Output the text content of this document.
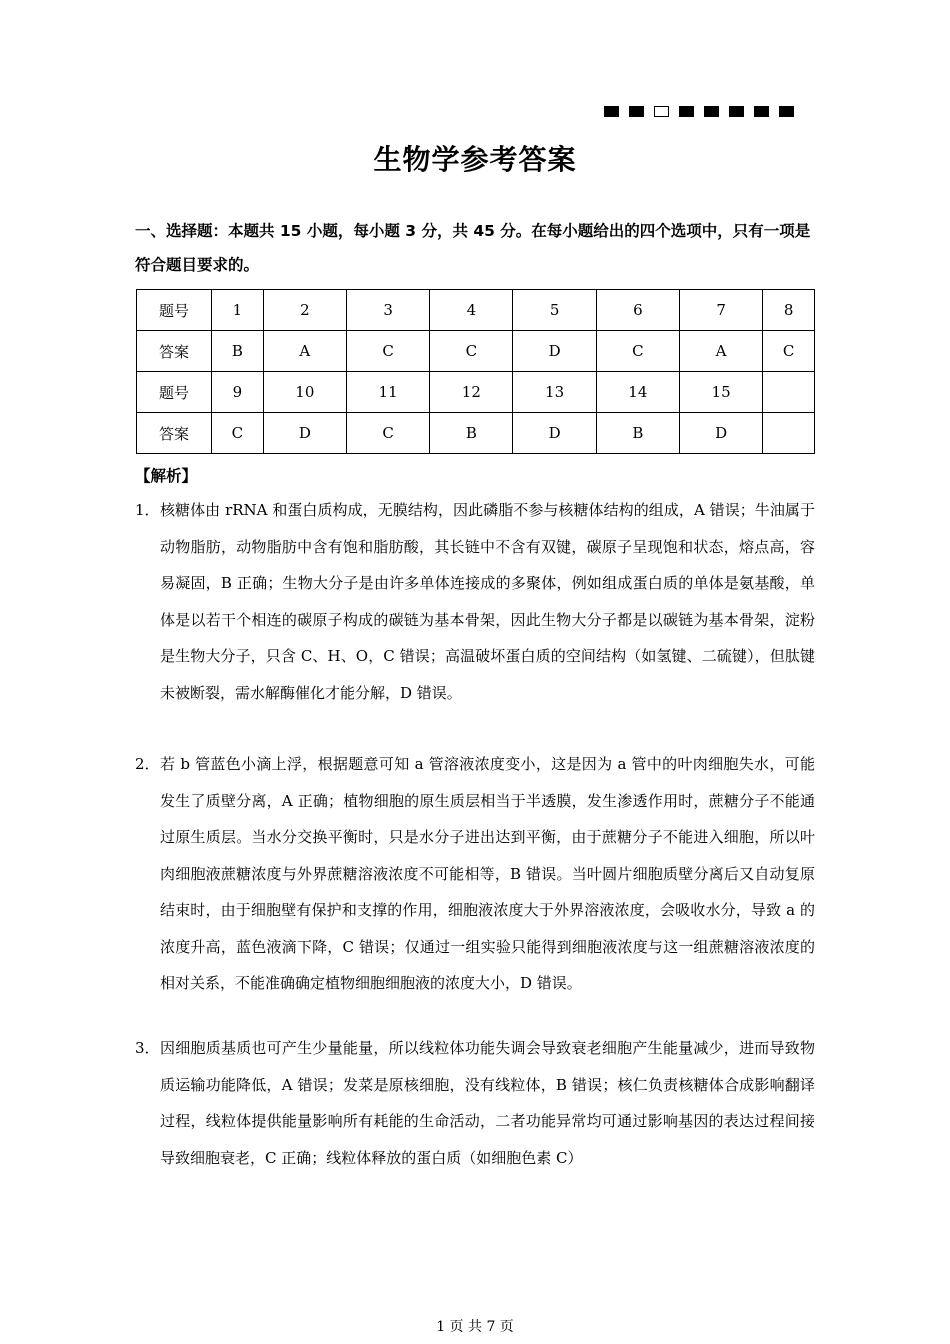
生物学参考答案
一、选择题：本题共 15 小题，每小题 3 分，共 45 分。在每小题给出的四个选项中，只有一项是符合题目要求的。
题号	1	2	3	4	5	6	7	8
答案	B	A	C	C	D	C	A	C
题号	9	10	11	12	13	14	15	
答案	C	D	C	B	D	B	D	
【解析】
1． 核糖体由 rRNA 和蛋白质构成，无膜结构，因此磷脂不参与核糖体结构的组成，A 错误；牛油属于动物脂肪，动物脂肪中含有饱和脂肪酸，其长链中不含有双键，碳原子呈现饱和状态，熔点高，容易凝固，B 正确；生物大分子是由许多单体连接成的多聚体，例如组成蛋白质的单体是氨基酸，单体是以若干个相连的碳原子构成的碳链为基本骨架，因此生物大分子都是以碳链为基本骨架，淀粉是生物大分子，只含 C、H、O，C 错误；高温破坏蛋白质的空间结构（如氢键、二硫键），但肽键未被断裂，需水解酶催化才能分解，D 错误。
2． 若 b 管蓝色小滴上浮，根据题意可知 a 管溶液浓度变小，这是因为 a 管中的叶肉细胞失水，可能发生了质壁分离，A 正确；植物细胞的原生质层相当于半透膜，发生渗透作用时，蔗糖分子不能通过原生质层。当水分交换平衡时，只是水分子进出达到平衡，由于蔗糖分子不能进入细胞，所以叶肉细胞液蔗糖浓度与外界蔗糖溶液浓度不可能相等，B 错误。当叶圆片细胞质壁分离后又自动复原结束时，由于细胞壁有保护和支撑的作用，细胞液浓度大于外界溶液浓度，会吸收水分，导致 a 的浓度升高，蓝色液滴下降，C 错误；仅通过一组实验只能得到细胞液浓度与这一组蔗糖溶液浓度的相对关系，不能准确确定植物细胞细胞液的浓度大小，D 错误。
3． 因细胞质基质也可产生少量能量，所以线粒体功能失调会导致衰老细胞产生能量减少，进而导致物质运输功能降低，A 错误；发菜是原核细胞，没有线粒体，B 错误；核仁负责核糖体合成影响翻译过程，线粒体提供能量影响所有耗能的生命活动，二者功能异常均可通过影响基因的表达过程间接导致细胞衰老，C 正确；线粒体释放的蛋白质（如细胞色素 C）
1 页 共 7 页
